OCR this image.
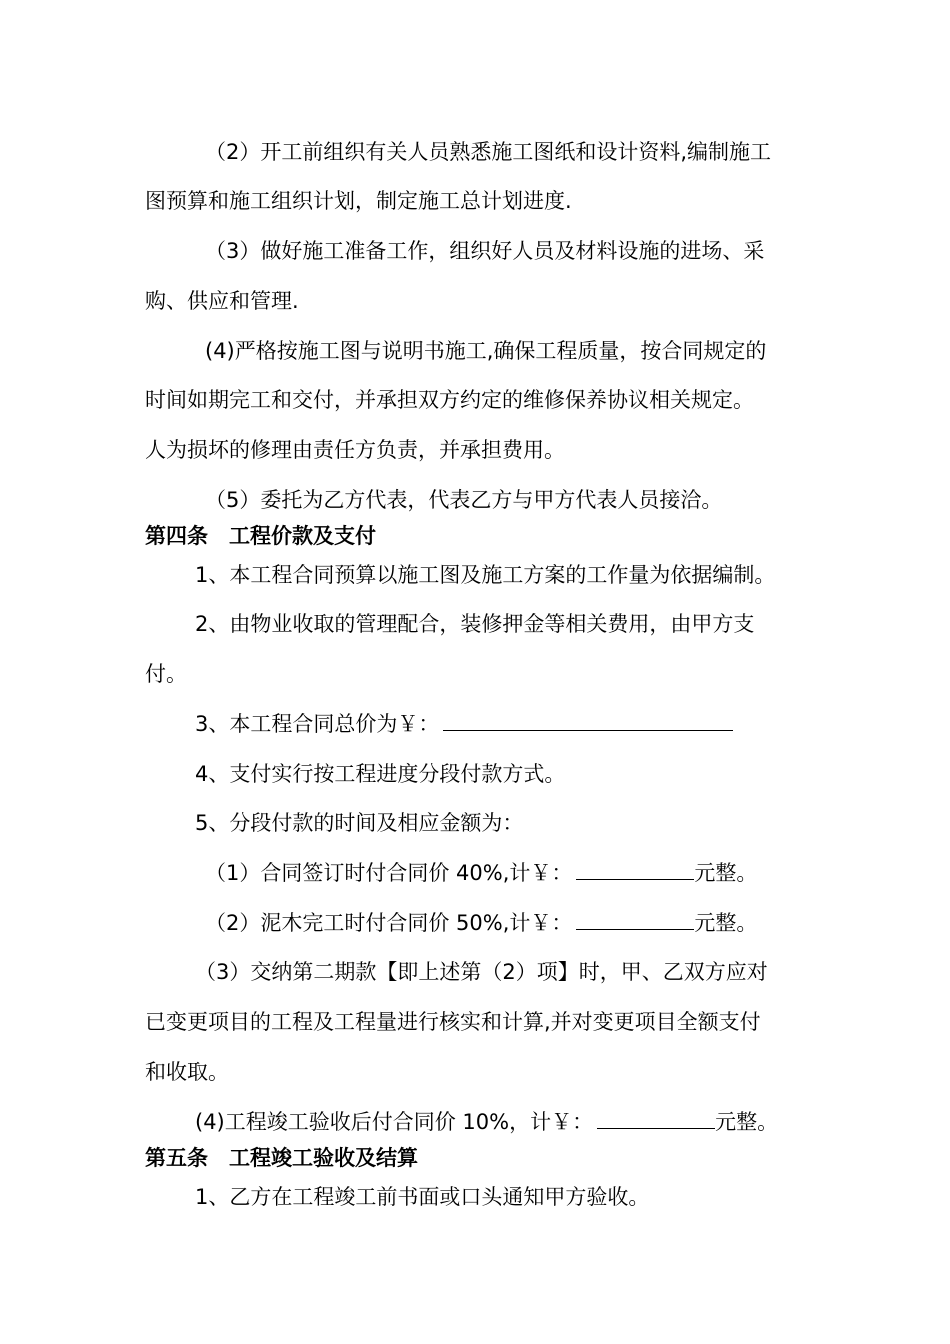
（2）开工前组织有关人员熟悉施工图纸和设计资料,编制施工
图预算和施工组织计划，制定施工总计划进度.
（3）做好施工准备工作，组织好人员及材料设施的进场、采
购、供应和管理.
(4)严格按施工图与说明书施工,确保工程质量，按合同规定的
时间如期完工和交付，并承担双方约定的维修保养协议相关规定。
人为损坏的修理由责任方负责，并承担费用。
（5）委托为乙方代表，代表乙方与甲方代表人员接洽。
第四条　工程价款及支付
1、本工程合同预算以施工图及施工方案的工作量为依据编制。
2、由物业收取的管理配合，装修押金等相关费用，由甲方支
付。
3、本工程合同总价为￥：
4、支付实行按工程进度分段付款方式。
5、分段付款的时间及相应金额为：
（1）合同签订时付合同价 40%,计￥：	元整。
（2）泥木完工时付合同价 50%,计￥：	元整。
（3）交纳第二期款【即上述第（2）项】时，甲、乙双方应对
已变更项目的工程及工程量进行核实和计算,并对变更项目全额支付
和收取。
(4)工程竣工验收后付合同价 10%，计￥：	元整。
第五条　工程竣工验收及结算
1、乙方在工程竣工前书面或口头通知甲方验收。
